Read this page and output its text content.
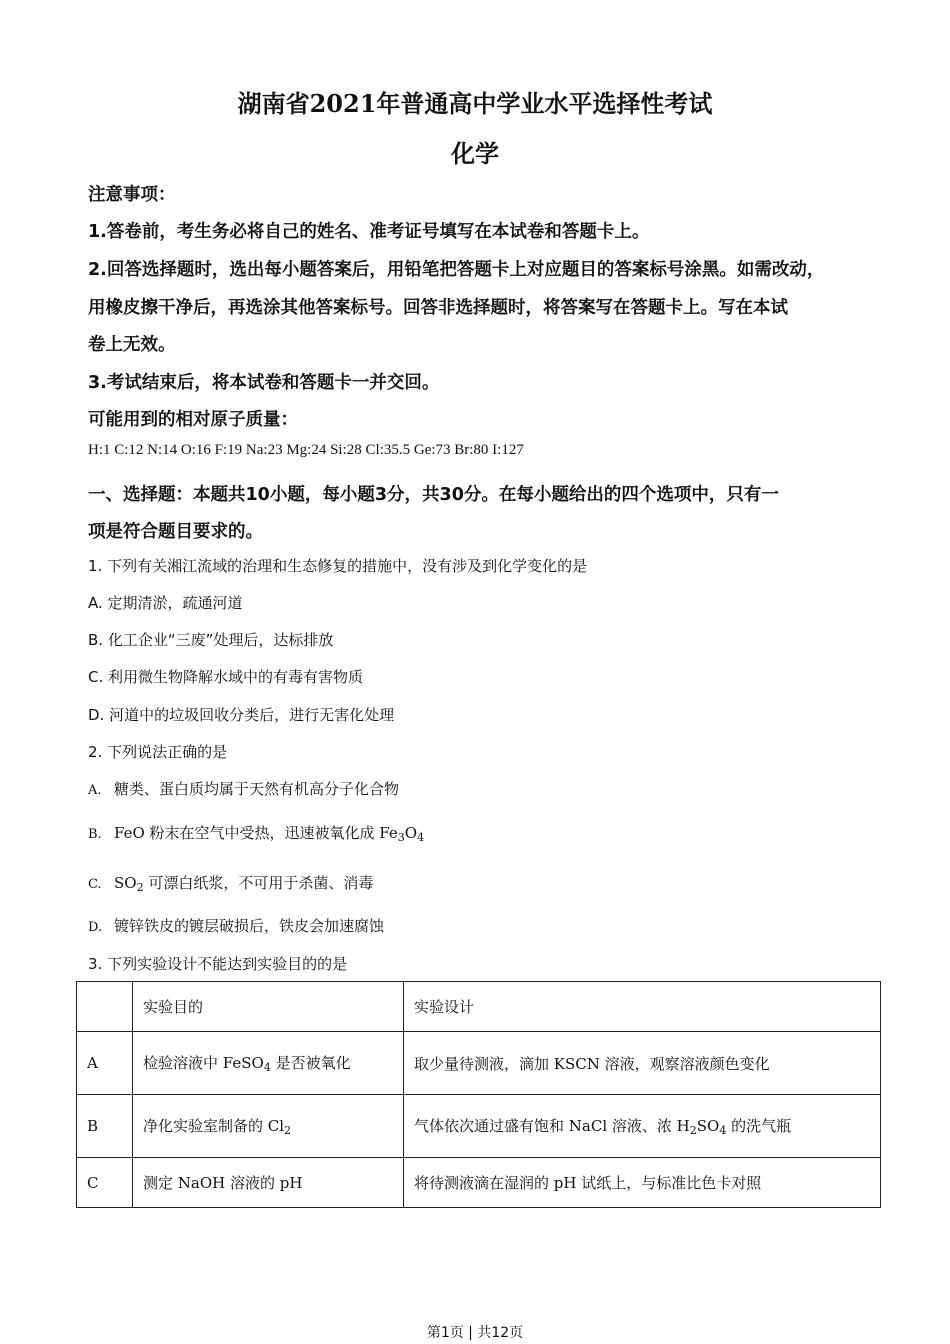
湖南省2021年普通高中学业水平选择性考试
化学
注意事项：
1.答卷前，考生务必将自己的姓名、准考证号填写在本试卷和答题卡上。
2.回答选择题时，选出每小题答案后，用铅笔把答题卡上对应题目的答案标号涂黑。如需改动，
用橡皮擦干净后，再选涂其他答案标号。回答非选择题时，将答案写在答题卡上。写在本试
卷上无效。
3.考试结束后，将本试卷和答题卡一并交回。
可能用到的相对原子质量：
H:1 C:12 N:14 O:16 F:19 Na:23 Mg:24 Si:28 Cl:35.5 Ge:73 Br:80 I:127
一、选择题：本题共10小题，每小题3分，共30分。在每小题给出的四个选项中，只有一
项是符合题目要求的。
1. 下列有关湘江流域的治理和生态修复的措施中，没有涉及到化学变化的是
A. 定期清淤，疏通河道
B. 化工企业“三废”处理后，达标排放
C. 利用微生物降解水域中的有毒有害物质
D. 河道中的垃圾回收分类后，进行无害化处理
2. 下列说法正确的是
A. 糖类、蛋白质均属于天然有机高分子化合物
B. FeO 粉末在空气中受热，迅速被氧化成 $Fe_3O_4$
C. $SO_2$ 可漂白纸浆，不可用于杀菌、消毒
D. 镀锌铁皮的镀层破损后，铁皮会加速腐蚀
3. 下列实验设计不能达到实验目的的是
	实验目的	实验设计
A	检验溶液中 FeSO$_4$ 是否被氧化	取少量待测液，滴加 KSCN 溶液，观察溶液颜色变化
B	净化实验室制备的 $Cl_2$	气体依次通过盛有饱和 NaCl 溶液、浓 $H_2SO_4$ 的洗气瓶
C	测定 NaOH 溶液的 pH	将待测液滴在湿润的 pH 试纸上，与标准比色卡对照
第1页 | 共12页
